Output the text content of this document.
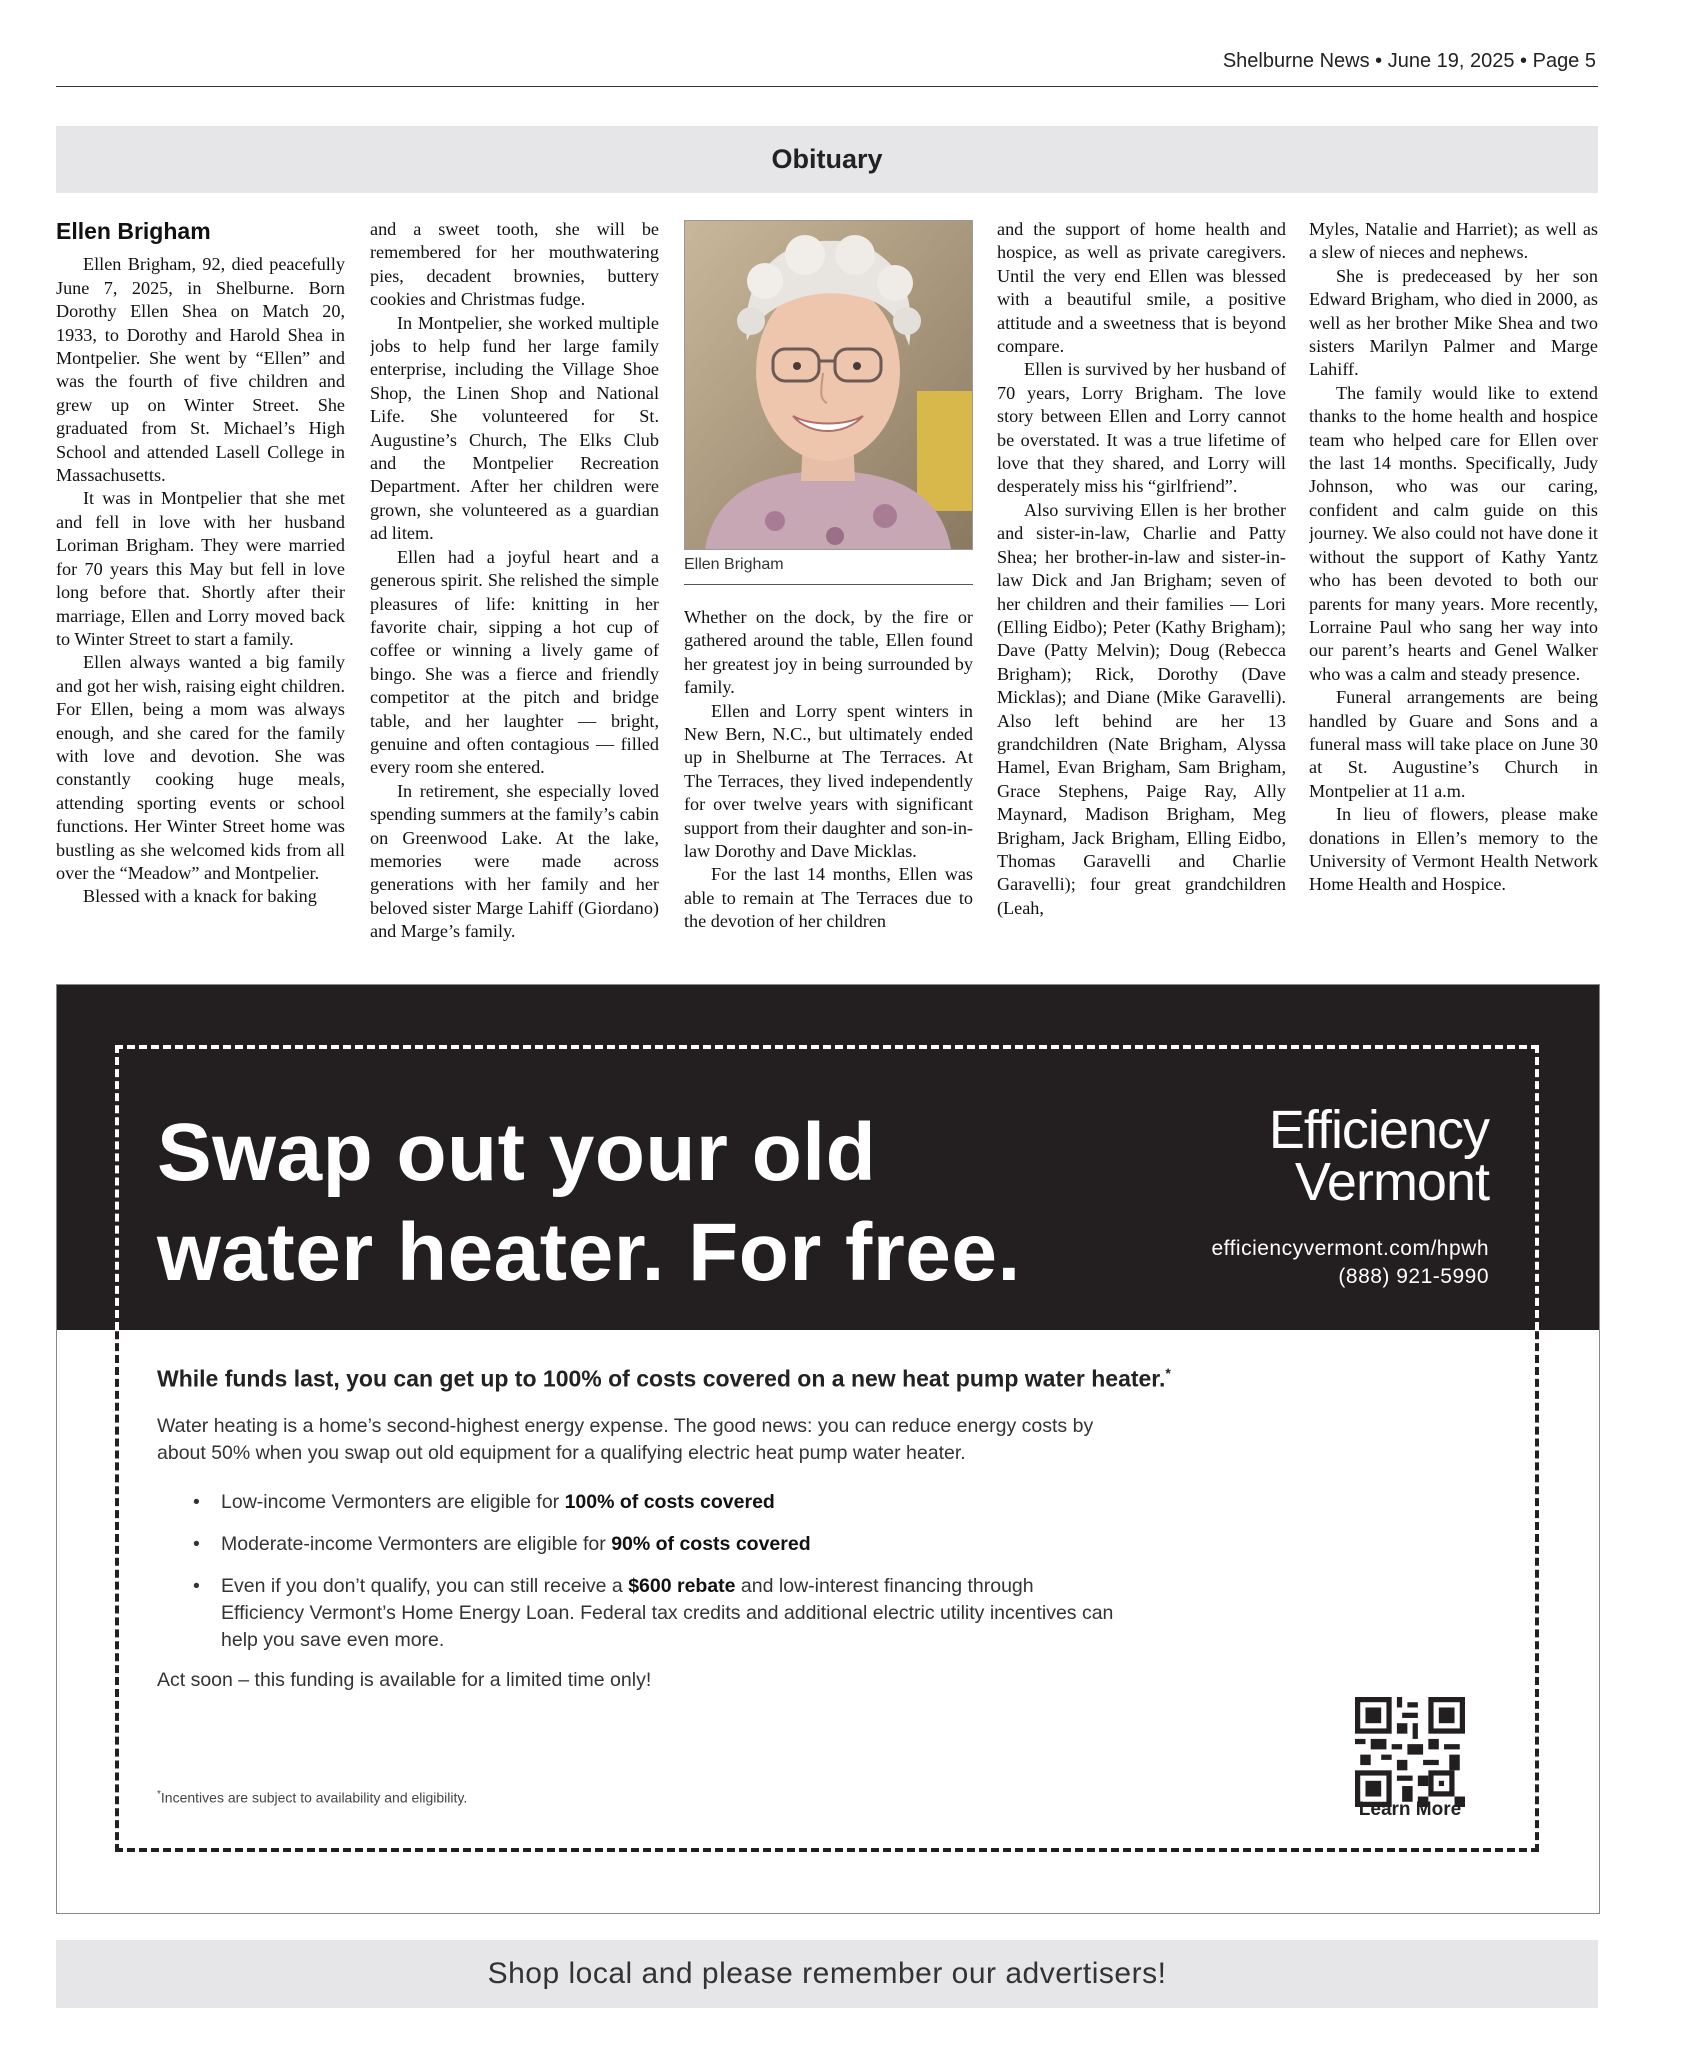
Shelburne News • June 19, 2025 • Page 5
Obituary
Ellen Brigham

Ellen Brigham, 92, died peacefully June 7, 2025, in Shelburne. Born Dorothy Ellen Shea on Match 20, 1933, to Dorothy and Harold Shea in Montpelier. She went by “Ellen” and was the fourth of five children and grew up on Winter Street. She graduated from St. Michael’s High School and attended Lasell College in Massachusetts.

It was in Montpelier that she met and fell in love with her husband Loriman Brigham. They were married for 70 years this May but fell in love long before that. Shortly after their marriage, Ellen and Lorry moved back to Winter Street to start a family.

Ellen always wanted a big family and got her wish, raising eight children. For Ellen, being a mom was always enough, and she cared for the family with love and devotion. She was constantly cooking huge meals, attending sporting events or school functions. Her Winter Street home was bustling as she welcomed kids from all over the “Meadow” and Montpelier.

Blessed with a knack for baking

and a sweet tooth, she will be remembered for her mouthwatering pies, decadent brownies, buttery cookies and Christmas fudge.

In Montpelier, she worked multiple jobs to help fund her large family enterprise, including the Village Shoe Shop, the Linen Shop and National Life. She volunteered for St. Augustine’s Church, The Elks Club and the Montpelier Recreation Department. After her children were grown, she volunteered as a guardian ad litem.

Ellen had a joyful heart and a generous spirit. She relished the simple pleasures of life: knitting in her favorite chair, sipping a hot cup of coffee or winning a lively game of bingo. She was a fierce and friendly competitor at the pitch and bridge table, and her laughter — bright, genuine and often contagious — filled every room she entered.

In retirement, she especially loved spending summers at the family’s cabin on Greenwood Lake. At the lake, memories were made across generations with her family and her beloved sister Marge Lahiff (Giordano) and Marge’s family.

Ellen Brigham

Whether on the dock, by the fire or gathered around the table, Ellen found her greatest joy in being surrounded by family.

Ellen and Lorry spent winters in New Bern, N.C., but ultimately ended up in Shelburne at The Terraces. At The Terraces, they lived independently for over twelve years with significant support from their daughter and son-in-law Dorothy and Dave Micklas.

For the last 14 months, Ellen was able to remain at The Terraces due to the devotion of her children

and the support of home health and hospice, as well as private caregivers. Until the very end Ellen was blessed with a beautiful smile, a positive attitude and a sweetness that is beyond compare.

Ellen is survived by her husband of 70 years, Lorry Brigham. The love story between Ellen and Lorry cannot be overstated. It was a true lifetime of love that they shared, and Lorry will desperately miss his “girlfriend”.

Also surviving Ellen is her brother and sister-in-law, Charlie and Patty Shea; her brother-in-law and sister-in-law Dick and Jan Brigham; seven of her children and their families — Lori (Elling Eidbo); Peter (Kathy Brigham); Dave (Patty Melvin); Doug (Rebecca Brigham); Rick, Dorothy (Dave Micklas); and Diane (Mike Garavelli). Also left behind are her 13 grandchildren (Nate Brigham, Alyssa Hamel, Evan Brigham, Sam Brigham, Grace Stephens, Paige Ray, Ally Maynard, Madison Brigham, Meg Brigham, Jack Brigham, Elling Eidbo, Thomas Garavelli and Charlie Garavelli); four great grandchildren (Leah,

Myles, Natalie and Harriet); as well as a slew of nieces and nephews.

She is predeceased by her son Edward Brigham, who died in 2000, as well as her brother Mike Shea and two sisters Marilyn Palmer and Marge Lahiff.

The family would like to extend thanks to the home health and hospice team who helped care for Ellen over the last 14 months. Specifically, Judy Johnson, who was our caring, confident and calm guide on this journey. We also could not have done it without the support of Kathy Yantz who has been devoted to both our parents for many years. More recently, Lorraine Paul who sang her way into our parent’s hearts and Genel Walker who was a calm and steady presence.

Funeral arrangements are being handled by Guare and Sons and a funeral mass will take place on June 30 at St. Augustine’s Church in Montpelier at 11 a.m.

In lieu of flowers, please make donations in Ellen’s memory to the University of Vermont Health Network Home Health and Hospice.

Swap out your old
water heater. For free.
Efficiency
Vermont
efficiencyvermont.com/hpwh
(888) 921-5990
While funds last, you can get up to 100% of costs covered on a new heat pump water heater.*
Water heating is a home’s second-highest energy expense. The good news: you can reduce energy costs by about 50% when you swap out old equipment for a qualifying electric heat pump water heater.
• Low-income Vermonters are eligible for 100% of costs covered
• Moderate-income Vermonters are eligible for 90% of costs covered
• Even if you don’t qualify, you can still receive a $600 rebate and low-interest financing through Efficiency Vermont’s Home Energy Loan. Federal tax credits and additional electric utility incentives can help you save even more.
Act soon – this funding is available for a limited time only!
*Incentives are subject to availability and eligibility.
Learn More
Shop local and please remember our advertisers!
